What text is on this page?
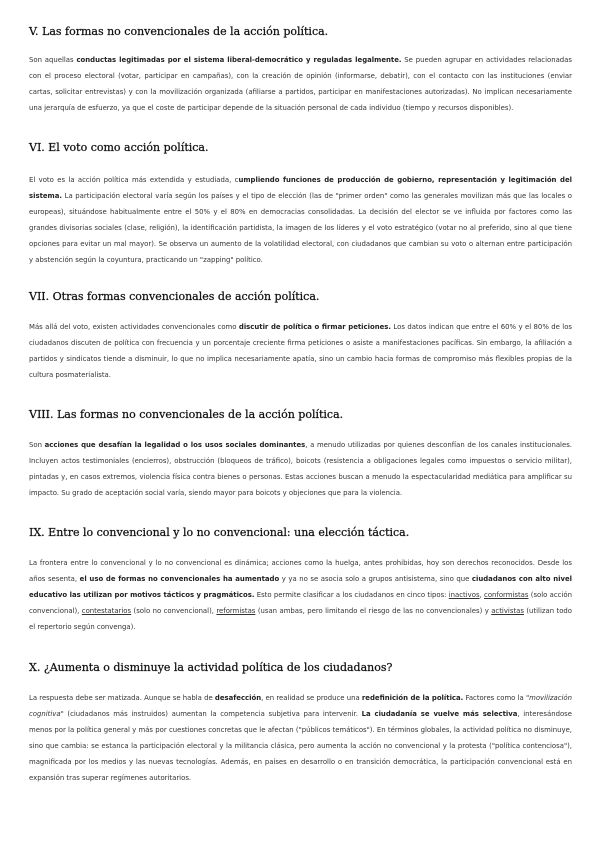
V. Las formas no convencionales de la acción política.

Son aquellas conductas legitimadas por el sistema liberal-democrático y reguladas legalmente. Se pueden agrupar en actividades relacionadas con el proceso electoral (votar, participar en campañas), con la creación de opinión (informarse, debatir), con el contacto con las instituciones (enviar cartas, solicitar entrevistas) y con la movilización organizada (afiliarse a partidos, participar en manifestaciones autorizadas). No implican necesariamente una jerarquía de esfuerzo, ya que el coste de participar depende de la situación personal de cada individuo (tiempo y recursos disponibles).

VI. El voto como acción política.

El voto es la acción política más extendida y estudiada, cumpliendo funciones de producción de gobierno, representación y legitimación del sistema. La participación electoral varía según los países y el tipo de elección (las de "primer orden" como las generales movilizan más que las locales o europeas), situándose habitualmente entre el 50% y el 80% en democracias consolidadas. La decisión del elector se ve influida por factores como las grandes divisorias sociales (clase, religión), la identificación partidista, la imagen de los líderes y el voto estratégico (votar no al preferido, sino al que tiene opciones para evitar un mal mayor). Se observa un aumento de la volatilidad electoral, con ciudadanos que cambian su voto o alternan entre participación y abstención según la coyuntura, practicando un "zapping" político.

VII. Otras formas convencionales de acción política.

Más allá del voto, existen actividades convencionales como discutir de política o firmar peticiones. Los datos indican que entre el 60% y el 80% de los ciudadanos discuten de política con frecuencia y un porcentaje creciente firma peticiones o asiste a manifestaciones pacíficas. Sin embargo, la afiliación a partidos y sindicatos tiende a disminuir, lo que no implica necesariamente apatía, sino un cambio hacia formas de compromiso más flexibles propias de la cultura posmaterialista.

VIII. Las formas no convencionales de la acción política.

Son acciones que desafían la legalidad o los usos sociales dominantes, a menudo utilizadas por quienes desconfían de los canales institucionales. Incluyen actos testimoniales (encierros), obstrucción (bloqueos de tráfico), boicots (resistencia a obligaciones legales como impuestos o servicio militar), pintadas y, en casos extremos, violencia física contra bienes o personas. Estas acciones buscan a menudo la espectacularidad mediática para amplificar su impacto. Su grado de aceptación social varía, siendo mayor para boicots y objeciones que para la violencia.

IX. Entre lo convencional y lo no convencional: una elección táctica.

La frontera entre lo convencional y lo no convencional es dinámica; acciones como la huelga, antes prohibidas, hoy son derechos reconocidos. Desde los años sesenta, el uso de formas no convencionales ha aumentado y ya no se asocia solo a grupos antisistema, sino que ciudadanos con alto nivel educativo las utilizan por motivos tácticos y pragmáticos. Esto permite clasificar a los ciudadanos en cinco tipos: inactivos, conformistas (solo acción convencional), contestatarios (solo no convencional), reformistas (usan ambas, pero limitando el riesgo de las no convencionales) y activistas (utilizan todo el repertorio según convenga).

X. ¿Aumenta o disminuye la actividad política de los ciudadanos?

La respuesta debe ser matizada. Aunque se habla de desafección, en realidad se produce una redefinición de la política. Factores como la "movilización cognitiva" (ciudadanos más instruidos) aumentan la competencia subjetiva para intervenir. La ciudadanía se vuelve más selectiva, interesándose menos por la política general y más por cuestiones concretas que le afectan ("públicos temáticos"). En términos globales, la actividad política no disminuye, sino que cambia: se estanca la participación electoral y la militancia clásica, pero aumenta la acción no convencional y la protesta ("política contenciosa"), magnificada por los medios y las nuevas tecnologías. Además, en países en desarrollo o en transición democrática, la participación convencional está en expansión tras superar regímenes autoritarios.
